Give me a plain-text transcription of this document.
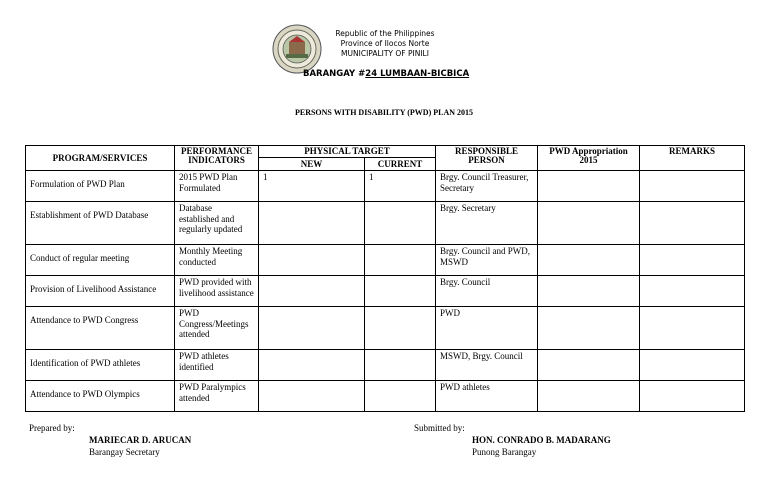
Republic of the Philippines
Province of Ilocos Norte
MUNICIPALITY OF PINILI
BARANGAY #24 LUMBAAN-BICBICA
PERSONS WITH DISABILITY (PWD) PLAN 2015
PROGRAM/SERVICES	PERFORMANCE INDICATORS	PHYSICAL TARGET		RESPONSIBLE PERSON	PWD Appropriation 2015	REMARKS
		NEW	CURRENT			
Formulation of PWD Plan	2015 PWD Plan Formulated	1	1	Brgy. Council Treasurer, Secretary		
Establishment of PWD Database	Database established and regularly updated			Brgy. Secretary		
Conduct of regular meeting	Monthly Meeting conducted			Brgy. Council and PWD, MSWD		
Provision of Livelihood Assistance	PWD provided with livelihood assistance			Brgy. Council		
Attendance to PWD Congress	PWD Congress/Meetings attended			PWD		
Identification of PWD athletes	PWD athletes identified			MSWD, Brgy. Council		
Attendance to PWD Olympics	PWD Paralympics attended			PWD athletes		
Prepared by:
MARIECAR D. ARUCAN
Barangay Secretary
Submitted by:
HON. CONRADO B. MADARANG
Punong Barangay
